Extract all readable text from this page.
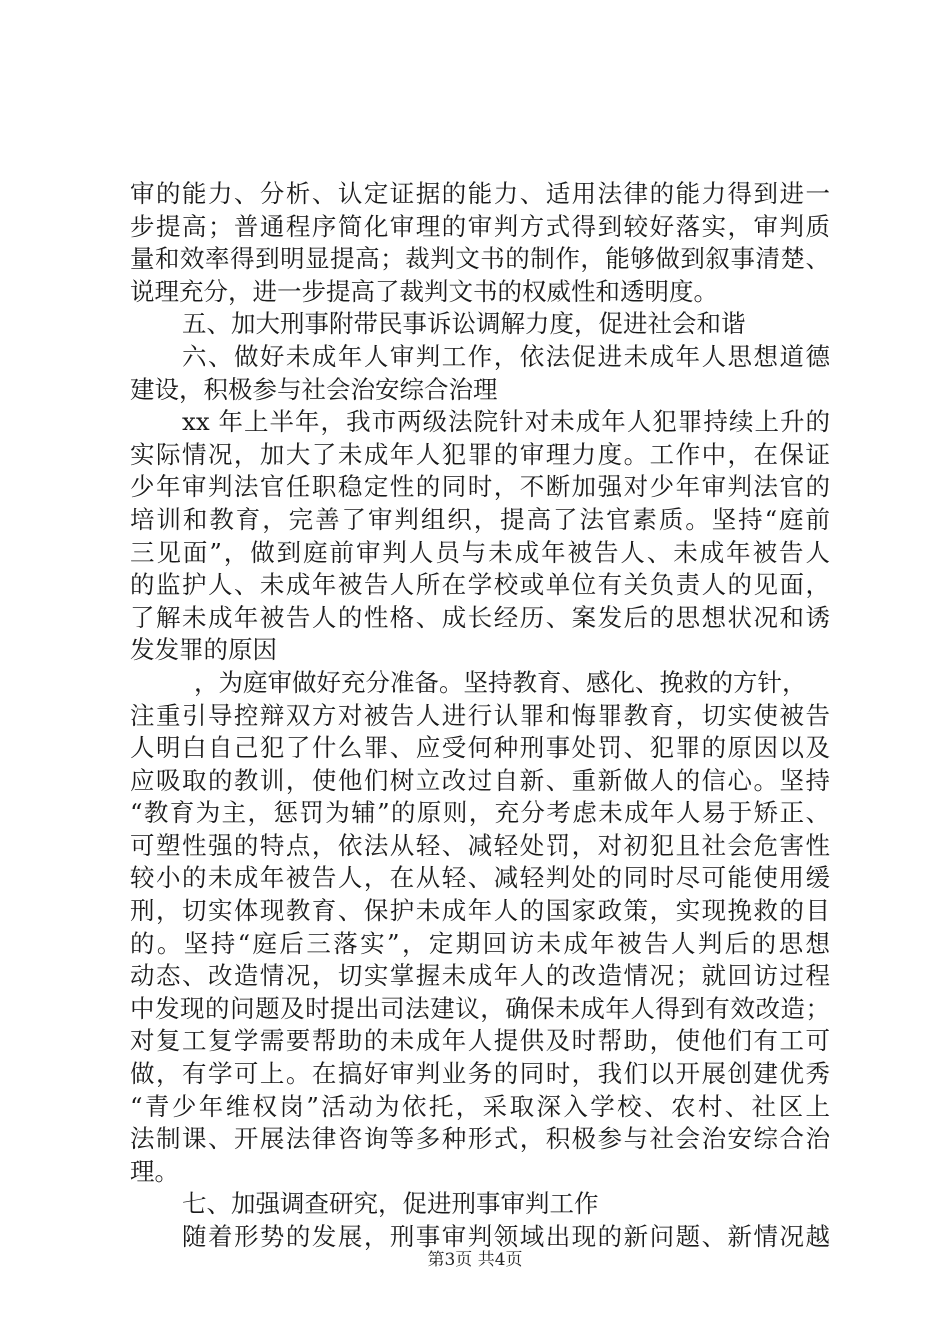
审的能力、分析、认定证据的能力、适用法律的能力得到进一
步提高；普通程序简化审理的审判方式得到较好落实，审判质
量和效率得到明显提高；裁判文书的制作，能够做到叙事清楚、
说理充分，进一步提高了裁判文书的权威性和透明度。
五、加大刑事附带民事诉讼调解力度，促进社会和谐
六、做好未成年人审判工作，依法促进未成年人思想道德
建设，积极参与社会治安综合治理
xx 年上半年，我市两级法院针对未成年人犯罪持续上升的
实际情况，加大了未成年人犯罪的审理力度。工作中，在保证
少年审判法官任职稳定性的同时，不断加强对少年审判法官的
培训和教育，完善了审判组织，提高了法官素质。坚持“庭前
三见面”，做到庭前审判人员与未成年被告人、未成年被告人
的监护人、未成年被告人所在学校或单位有关负责人的见面，
了解未成年被告人的性格、成长经历、案发后的思想状况和诱
发发罪的原因
，为庭审做好充分准备。坚持教育、感化、挽救的方针，
注重引导控辩双方对被告人进行认罪和悔罪教育，切实使被告
人明白自己犯了什么罪、应受何种刑事处罚、犯罪的原因以及
应吸取的教训，使他们树立改过自新、重新做人的信心。坚持
“教育为主，惩罚为辅”的原则，充分考虑未成年人易于矫正、
可塑性强的特点，依法从轻、减轻处罚，对初犯且社会危害性
较小的未成年被告人，在从轻、减轻判处的同时尽可能使用缓
刑，切实体现教育、保护未成年人的国家政策，实现挽救的目
的。坚持“庭后三落实”，定期回访未成年被告人判后的思想
动态、改造情况，切实掌握未成年人的改造情况；就回访过程
中发现的问题及时提出司法建议，确保未成年人得到有效改造；
对复工复学需要帮助的未成年人提供及时帮助，使他们有工可
做，有学可上。在搞好审判业务的同时，我们以开展创建优秀
“青少年维权岗”活动为依托，采取深入学校、农村、社区上
法制课、开展法律咨询等多种形式，积极参与社会治安综合治
理。
七、加强调查研究，促进刑事审判工作
随着形势的发展，刑事审判领域出现的新问题、新情况越
第3页 共4页
